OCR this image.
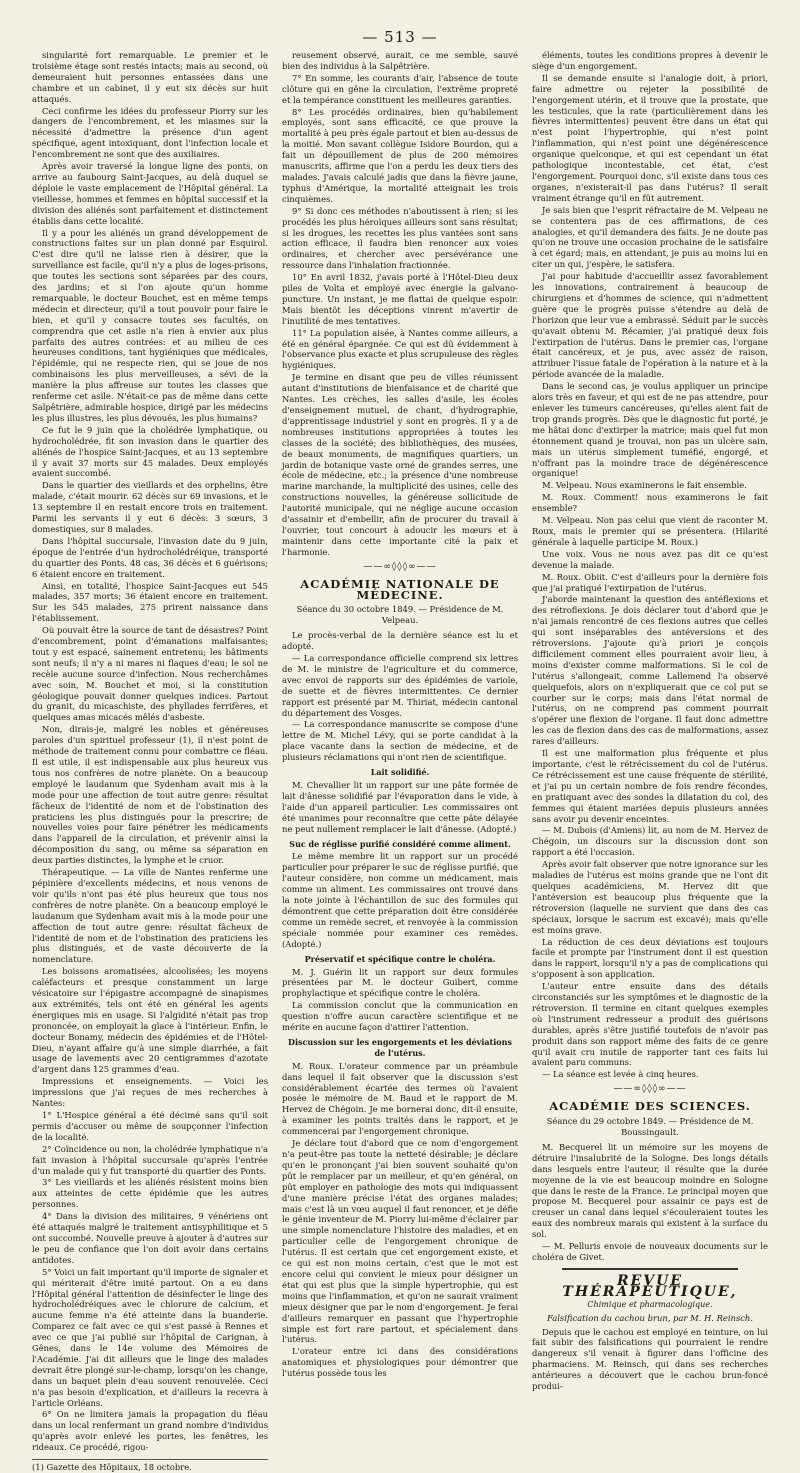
— 513 —

singularité fort remarquable. Le premier et le troisième étage sont restés intacts; mais au second, où demeuraient huit personnes entassées dans une chambre et un cabinet, il y eut six décès sur huit attaqués.

Ceci confirme les idées du professeur Piorry sur les dangers de l'encombrement, et les miasmes sur la nécessité d'admettre la présence d'un agent spécifique, agent intoxiquant, dont l'infection locale et l'encombrement ne sont que des auxiliaires.

Après avoir traversé la longue ligne des ponts, on arrive au faubourg Saint-Jacques, au delà duquel se déploie le vaste emplacement de l'Hôpital général. La vieillesse, hommes et femmes en hôpital successif et la division des aliénés sont parfaitement et distinctement établis dans cette localité.

Il y a pour les aliénés un grand développement de constructions faites sur un plan donné par Esquirol. C'est dire qu'il ne laisse rien à désirer, que la surveillance est facile, qu'il n'y a plus de loges-prisons, que toutes les sections sont séparées par des cours, des jardins; et si l'on ajoute qu'un homme remarquable, le docteur Bouchet, est en même temps médecin et directeur, qu'il a tout pouvoir pour faire le bien, et qu'il y consacre toutes ses facultés, on comprendra que cet asile n'a rien à envier aux plus parfaits des autres contrées: et au milieu de ces heureuses conditions, tant hygiéniques que médicales, l'épidémie, qui ne respecte rien, qui se joue de nos combinaisons les plus merveilleuses, a sévi de la manière la plus affreuse sur toutes les classes que renferme cet asile. N'était-ce pas de même dans cette Salpêtrière, admirable hospice, dirigé par les médecins les plus illustres, les plus dévoués, les plus humains?

Ce fut le 9 juin que la cholédrée lymphatique, ou hydrocholédrée, fit son invasion dans le quartier des aliénés de l'hospice Saint-Jacques, et au 13 septembre il y avait 37 morts sur 45 malades. Deux employés avaient succombé.

Dans le quartier des vieillards et des orphelins, être malade, c'était mourir. 62 décès sur 69 invasions, et le 13 septembre il en restait encore trois en traitement. Parmi les servants il y eut 6 décès: 3 sœurs, 3 domestiques, sur 8 malades.

Dans l'hôpital succursale, l'invasion date du 9 juin, époque de l'entrée d'un hydrocholédréique, transporté du quartier des Ponts. 48 cas, 36 décès et 6 guérisons; 6 étaient encore en traitement.

Ainsi, en totalité, l'hospice Saint-Jacques eut 545 malades, 357 morts; 36 étaient encore en traitement. Sur les 545 malades, 275 prirent naissance dans l'établissement.

Où pouvait être la source de tant de désastres? Point d'encombrement, point d'émanations malfaisantes; tout y est espacé, sainement entretenu; les bâtiments sont neufs; il n'y a ni mares ni flaques d'eau; le sol ne recèle aucune source d'infection. Nous recherchâmes avec soin, M. Bouchet et moi, si la constitution géologique pouvait donner quelques indices. Partout du granit, du micaschiste, des phyllades ferrifères, et quelques amas micacés mêlés d'asbeste.

Non, dirais-je, malgré les nobles et généreuses paroles d'un spirituel professeur (1), il n'est point de méthode de traitement connu pour combattre ce fléau. Il est utile, il est indispensable aux plus heureux vus tous nos confrères de notre planète. On a beaucoup employé le laudanum que Sydenham avait mis à la mode pour une affection de tout autre genre: résultat fâcheux de l'identité de nom et de l'obstination des praticiens les plus distingués pour la prescrire; de nouvelles voies pour faire pénétrer les médicaments dans l'appareil de la circulation, et prévenir ainsi la décomposition du sang, ou même sa séparation en deux parties distinctes, la lymphe et le cruor.

Thérapeutique. — La ville de Nantes renferme une pépinière d'excellents médecins, et nous venons de voir qu'ils n'ont pas été plus heureux que tous nos confrères de notre planète. On a beaucoup employé le laudanum que Sydenham avait mis à la mode pour une affection de tout autre genre: résultat fâcheux de l'identité de nom et de l'obstination des praticiens les plus distingués, et de vaste découverte de la nomenclature.

Les boissons aromatisées, alcoolisées; les moyens caléfacteurs et presque constamment un large vésicatoire sur l'épigastre accompagné de sinapismes aux extrémités, tels ont été en général les agents énergiques mis en usage. Si l'algidité n'était pas trop prononcée, on employait la glace à l'intérieur. Enfin, le docteur Bonamy, médecin des épidémies et de l'Hôtel-Dieu, n'ayant affaire qu'à une simple diarrhée, a fait usage de lavements avec 20 centigrammes d'azotate d'argent dans 125 grammes d'eau.

Impressions et enseignements. — Voici les impressions que j'ai reçues de mes recherches à Nantes:

1° L'Hospice général a été décimé sans qu'il soit permis d'accuser ou même de soupçonner l'infection de la localité.

2° Coïncidence ou non, la cholédrée lymphatique n'a fait invasion à l'hôpital succursale qu'après l'entrée d'un malade qui y fut transporté du quartier des Ponts.

3° Les vieillards et les aliénés résistent moins bien aux atteintes de cette épidémie que les autres personnes.

4° Dans la division des militaires, 9 vénériens ont été attaqués malgré le traitement antisyphilitique et 5 ont succombé. Nouvelle preuve à ajouter à d'autres sur le peu de confiance que l'on doit avoir dans certains antidotes.

5° Voici un fait important qu'il importe de signaler et qui mériterait d'être imité partout. On a eu dans l'Hôpital général l'attention de désinfecter le linge des hydrocholédréiques avec le chlorure de calcium, et aucune femme n'a été atteinte dans la buanderie. Comparez ce fait avec ce qui s'est passé à Rennes et avec ce que j'ai publié sur l'hôpital de Carignan, à Gênes, dans le 14e volume des Mémoires de l'Académie. J'ai dit ailleurs que le linge des malades devrait être plongé sur-le-champ, lorsqu'on les change, dans un baquet plein d'eau souvent renouvelée. Ceci n'a pas besoin d'explication, et d'ailleurs la recevra à l'article Orléans.

6° On ne limitera jamais la propagation du fléau dans un local renfermant un grand nombre d'individus qu'après avoir enlevé les portes, les fenêtres, les rideaux. Ce procédé, rigou-

(1) Gazette des Hôpitaux, 18 octobre.

reusement observé, aurait, ce me semble, sauvé bien des individus à la Salpêtrière.

7° En somme, les courants d'air, l'absence de toute clôture qui en gêne la circulation, l'extrême propreté et la tempérance constituent les meilleures garanties.

8° Les procédés ordinaires, bien qu'habilement employés, sont sans efficacité, ce que prouve la mortalité à peu près égale partout et bien au-dessus de la moitié. Mon savant collègue Isidore Bourdon, qui a fait un dépouillement de plus de 200 mémoires manuscrits, affirme que l'on a perdu les deux tiers des malades. J'avais calculé jadis que dans la fièvre jaune, typhus d'Amérique, la mortalité atteignait les trois cinquièmes.

9° Si donc ces méthodes n'aboutissent à rien; si les procédés les plus héroïques ailleurs sont sans résultat; si les drogues, les recettes les plus vantées sont sans action efficace, il faudra bien renoncer aux voies ordinaires, et chercher avec persévérance une ressource dans l'inhalation fractionnée.

10° En avril 1832, j'avais porté à l'Hôtel-Dieu deux piles de Volta et employé avec énergie la galvano-puncture. Un instant, je me flattai de quelque espoir. Mais bientôt les déceptions vinrent m'avertir de l'inutilité de mes tentatives.

11° La population aisée, à Nantes comme ailleurs, a été en général épargnée. Ce qui est dû évidemment à l'observance plus exacte et plus scrupuleuse des règles hygiéniques.

Je termine en disant que peu de villes réunissent autant d'institutions de bienfaisance et de charité que Nantes. Les crèches, les salles d'asile, les écoles d'enseignement mutuel, de chant, d'hydrographie, d'apprentissage industriel y sont en progrès. Il y a de nombreuses institutions appropriées à toutes les classes de la société; des bibliothèques, des musées, de beaux monuments, de magnifiques quartiers, un jardin de botanique vaste orné de grandes serres, une école de médecine, etc.; la présence d'une nombreuse marine marchande, la multiplicité des usines, celle des constructions nouvelles, la généreuse sollicitude de l'autorité municipale, qui ne néglige aucune occasion d'assainir et d'embellir, afin de procurer du travail à l'ouvrier, tout concourt à adoucir les mœurs et à maintenir dans cette importante cité la paix et l'harmonie.

——∞◊◊◊∞——
ACADÉMIE NATIONALE DE MÉDECINE.
Séance du 30 octobre 1849. — Présidence de M. Velpeau.

Le procès-verbal de la dernière séance est lu et adopté.

— La correspondance officielle comprend six lettres de M. le ministre de l'agriculture et du commerce, avec envoi de rapports sur des épidémies de variole, de suette et de fièvres intermittentes. Ce dernier rapport est présenté par M. Thiriat, médecin cantonal du département des Vosges.

— La correspondance manuscrite se compose d'une lettre de M. Michel Lévy, qui se porte candidat à la place vacante dans la section de médecine, et de plusieurs réclamations qui n'ont rien de scientifique.

Lait solidifié.

M. Chevallier lit un rapport sur une pâte formée de lait d'ânesse solidifié par l'évaporation dans le vide, à l'aide d'un appareil particulier. Les commissaires ont été unanimes pour reconnaître que cette pâte délayée ne peut nullement remplacer le lait d'ânesse. (Adopté.)

Suc de réglisse purifié considéré comme aliment.

Le même membre lit un rapport sur un procédé particulier pour préparer le suc de réglisse purifié, que l'auteur considère, non comme un médicament, mais comme un aliment. Les commissaires ont trouvé dans la note jointe à l'échantillon de suc des formules qui démontrent que cette préparation doit être considérée comme un remède secret, et renvoyée à la commission spéciale nommée pour examiner ces remèdes. (Adopté.)

Préservatif et spécifique contre le choléra.

M. J. Guérin lit un rapport sur deux formules présentées par M. le docteur Guibert, comme prophylactique et spécifique contre le choléra.

La commission conclut que la communication en question n'offre aucun caractère scientifique et ne mérite en aucune façon d'attirer l'attention.

Discussion sur les engorgements et les déviations de l'utérus.

M. Roux. L'orateur commence par un préambule dans lequel il fait observer que la discussion s'est considérablement écartée des termes où l'avaient posée le mémoire de M. Baud et le rapport de M. Hervez de Chégoin. Je me bornerai donc, dit-il ensuite, à examiner les points traités dans le rapport, et je commencerai par l'engorgement chronique.

Je déclare tout d'abord que ce nom d'engorgement n'a peut-être pas toute la netteté désirable; je déclare qu'en le prononçant j'ai bien souvent souhaité qu'on pût le remplacer par un meilleur, et qu'en général, on pût employer en pathologie des mots qui indiquassent d'une manière précise l'état des organes malades; mais c'est là un vœu auquel il faut renoncer, et je défie le génie inventeur de M. Piorry lui-même d'éclairer par une simple nomenclature l'histoire des maladies, et en particulier celle de l'engorgement chronique de l'utérus. Il est certain que cet engorgement existe, et ce qui est non moins certain, c'est que le mot est encore celui qui convient le mieux pour désigner un état qui est plus que la simple hypertrophie, qui est moins que l'inflammation, et qu'on ne saurait vraiment mieux désigner que par le nom d'engorgement. Je ferai d'ailleurs remarquer en passant que l'hypertrophie simple est fort rare partout, et spécialement dans l'utérus.

L'orateur entre ici dans des considérations anatomiques et physiologiques pour démontrer que l'utérus possède tous les

éléments, toutes les conditions propres à devenir le siège d'un engorgement.

Il se demande ensuite si l'analogie doit, à priori, faire admettre ou rejeter la possibilité de l'engorgement utérin, et il trouve que la prostate, que les testicules, que la rate (particulièrement dans les fièvres intermittentes) peuvent être dans un état qui n'est point l'hypertrophie, qui n'est point l'inflammation, qui n'est point une dégénérescence organique quelconque, et qui est cependant un état pathologique incontestable, cet état, c'est l'engorgement. Pourquoi donc, s'il existe dans tous ces organes, n'existerait-il pas dans l'utérus? Il serait vraiment étrange qu'il en fût autrement.

Je sais bien que l'esprit réfractaire de M. Velpeau ne se contentera pas de ces affirmations, de ces analogies, et qu'il demandera des faits. Je ne doute pas qu'on ne trouve une occasion prochaine de le satisfaire à cet égard; mais, en attendant, je puis au moins lui en citer un qui, j'espère, le satisfera.

J'ai pour habitude d'accueillir assez favorablement les innovations, contrairement à beaucoup de chirurgiens et d'hommes de science, qui n'admettent guère que le progrès puisse s'étendre au delà de l'horizon que leur vue a embrassé. Séduit par le succès qu'avait obtenu M. Récamier, j'ai pratiqué deux fois l'extirpation de l'utérus. Dans le premier cas, l'organe était cancéreux, et je pus, avec assez de raison, attribuer l'issue fatale de l'opération à la nature et à la période avancée de la maladie.

Dans le second cas, je voulus appliquer un principe alors très en faveur, et qui est de ne pas attendre, pour enlever les tumeurs cancéreuses, qu'elles aient fait de trop grands progrès. Dès que le diagnostic fut porté, je me hâtai donc d'extirper la matrice; mais quel fut mon étonnement quand je trouvai, non pas un ulcère sain, mais un utérus simplement tuméfié, engorgé, et n'offrant pas la moindre trace de dégénérescence organique!

M. Velpeau. Nous examinerons le fait ensemble.

M. Roux. Comment! nous examinerons le fait ensemble?

M. Velpeau. Non pas celui que vient de raconter M. Roux, mais le premier qui se présentera. (Hilarité générale à laquelle participe M. Roux.)

Une voix. Vous ne nous avez pas dit ce qu'est devenue la malade.

M. Roux. Obiit. C'est d'ailleurs pour la dernière fois que j'ai pratiqué l'extirpation de l'utérus.

J'aborde maintenant la question des antéflexions et des rétroflexions. Je dois déclarer tout d'abord que je n'ai jamais rencontré de ces flexions autres que celles qui sont inséparables des antéversions et des rétroversions. J'ajoute qu'à priori je conçois difficilement comment elles pourraient avoir lieu, à moins d'exister comme malformations. Si le col de l'utérus s'allongeait, comme Lallemend l'a observé quelquefois, alors on n'expliquerait que ce col put se courber sur le corps; mais dans l'état normal de l'utérus, on ne comprend pas comment pourrait s'opérer une flexion de l'organe. Il faut donc admettre les cas de flexion dans des cas de malformations, assez rares d'ailleurs.

Il est une malformation plus fréquente et plus importante, c'est le rétrécissement du col de l'utérus. Ce rétrécissement est une cause fréquente de stérilité, et j'ai pu un certain nombre de fois rendre fécondes, en pratiquant avec des sondes la dilatation du col, des femmes qui étaient mariées depuis plusieurs années sans avoir pu devenir enceintes.

— M. Dubois (d'Amiens) lit, au nom de M. Hervez de Chégoin, un discours sur la discussion dont son rapport a été l'occasion.

Après avoir fait observer que notre ignorance sur les maladies de l'utérus est moins grande que ne l'ont dit quelques académiciens, M. Hervez dit que l'antéversion est beaucoup plus fréquente que la rétroversion (laquelle ne survient que dans des cas spéciaux, lorsque le sacrum est excavé); mais qu'elle est moins grave.

La réduction de ces deux déviations est toujours facile et prompte par l'instrument dont il est question dans le rapport, lorsqu'il n'y a pas de complications qui s'opposent à son application.

L'auteur entre ensuite dans des détails circonstanciés sur les symptômes et le diagnostic de la rétroversion. Il termine en citant quelques exemples où l'instrument redresseur a produit des guérisons durables, après s'être justifié toutefois de n'avoir pas produit dans son rapport même des faits de ce genre qu'il avait cru inutile de rapporter tant ces faits lui avaient paru communs.

— La séance est levée à cinq heures.

——∞◊◊◊∞——
ACADÉMIE DES SCIENCES.
Séance du 29 octobre 1849. — Présidence de M. Boussingault.

M. Becquerel lit un mémoire sur les moyens de détruire l'insalubrité de la Sologne. Des longs détails dans lesquels entre l'auteur, il résulte que la durée moyenne de la vie est beaucoup moindre en Sologne que dans le reste de la France. Le principal moyen que propose M. Becquerel pour assainir ce pays est de creuser un canal dans lequel s'écouleraient toutes les eaux des nombreux marais qui existent à la surface du sol.

— M. Pelluris envoie de nouveaux documents sur le choléra de Givet.

REVUE THÉRAPEUTIQUE,
Chimique et pharmacologique.
Falsification du cachou brun, par M. H. Reinsch.

Depuis que le cachou est employé en teinture, on lui fait subir des falsifications qui pourraient le rendre dangereux s'il venait à figurer dans l'officine des pharmaciens. M. Reinsch, qui dans ses recherches antérieures a découvert que le cachou brun-foncé produi-
